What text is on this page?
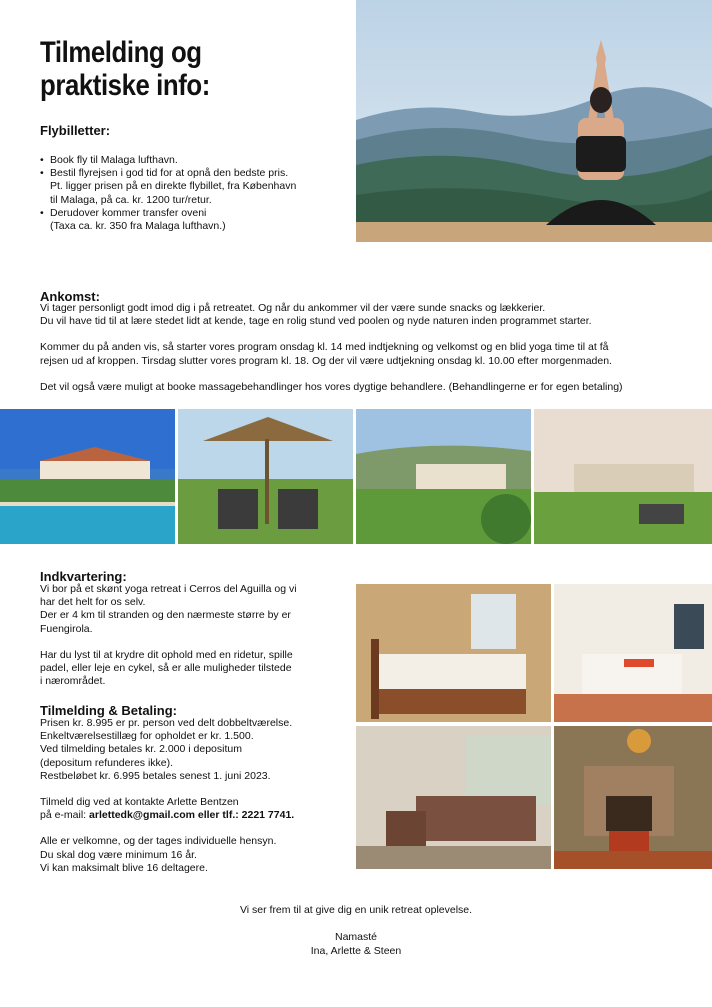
Tilmelding og
praktiske info:
Flybilletter:
• Book fly til Malaga lufthavn.
• Bestil flyrejsen i god tid for at opnå den bedste pris.
Pt. ligger prisen på en direkte flybillet, fra København
til Malaga, på ca. kr. 1200 tur/retur.
• Derudover kommer transfer oveni
(Taxa ca. kr. 350 fra Malaga lufthavn.)
Ankomst:

Vi tager personligt godt imod dig i på retreatet. Og når du ankommer vil der være sunde snacks og lækkerier.

Du vil have tid til at lære stedet lidt at kende, tage en rolig stund ved poolen og nyde naturen inden programmet starter.

Kommer du på anden vis, så starter vores program onsdag kl. 14 med indtjekning og velkomst og en blid yoga time til at få

rejsen ud af kroppen. Tirsdag slutter vores program kl. 18. Og der vil være udtjekning onsdag kl. 10.00 efter morgenmaden.

Det vil også være muligt at booke massagebehandlinger hos vores dygtige behandlere. (Behandlingerne er for egen betaling)

Indkvartering:

Vi bor på et skønt yoga retreat i Cerros del Aguilla og vi

har det helt for os selv.

Der er 4 km til stranden og den nærmeste større by er

Fuengirola.

Har du lyst til at krydre dit ophold med en ridetur, spille

padel, eller leje en cykel, så er alle muligheder tilstede

i nærområdet.

Tilmelding & Betaling:

Prisen kr. 8.995 er pr. person ved delt dobbeltværelse.

Enkeltværelsestillæg for opholdet er kr. 1.500.

Ved tilmelding betales kr. 2.000 i depositum

(depositum refunderes ikke).

Restbeløbet kr. 6.995 betales senest 1. juni 2023.

Tilmeld dig ved at kontakte Arlette Bentzen

på e-mail: arlettedk@gmail.com eller tlf.: 2221 7741.

Alle er velkomne, og der tages individuelle hensyn.

Du skal dog være minimum 16 år.

Vi kan maksimalt blive 16 deltagere.

Vi ser frem til at give dig en unik retreat oplevelse.
Namasté
Ina, Arlette & Steen
